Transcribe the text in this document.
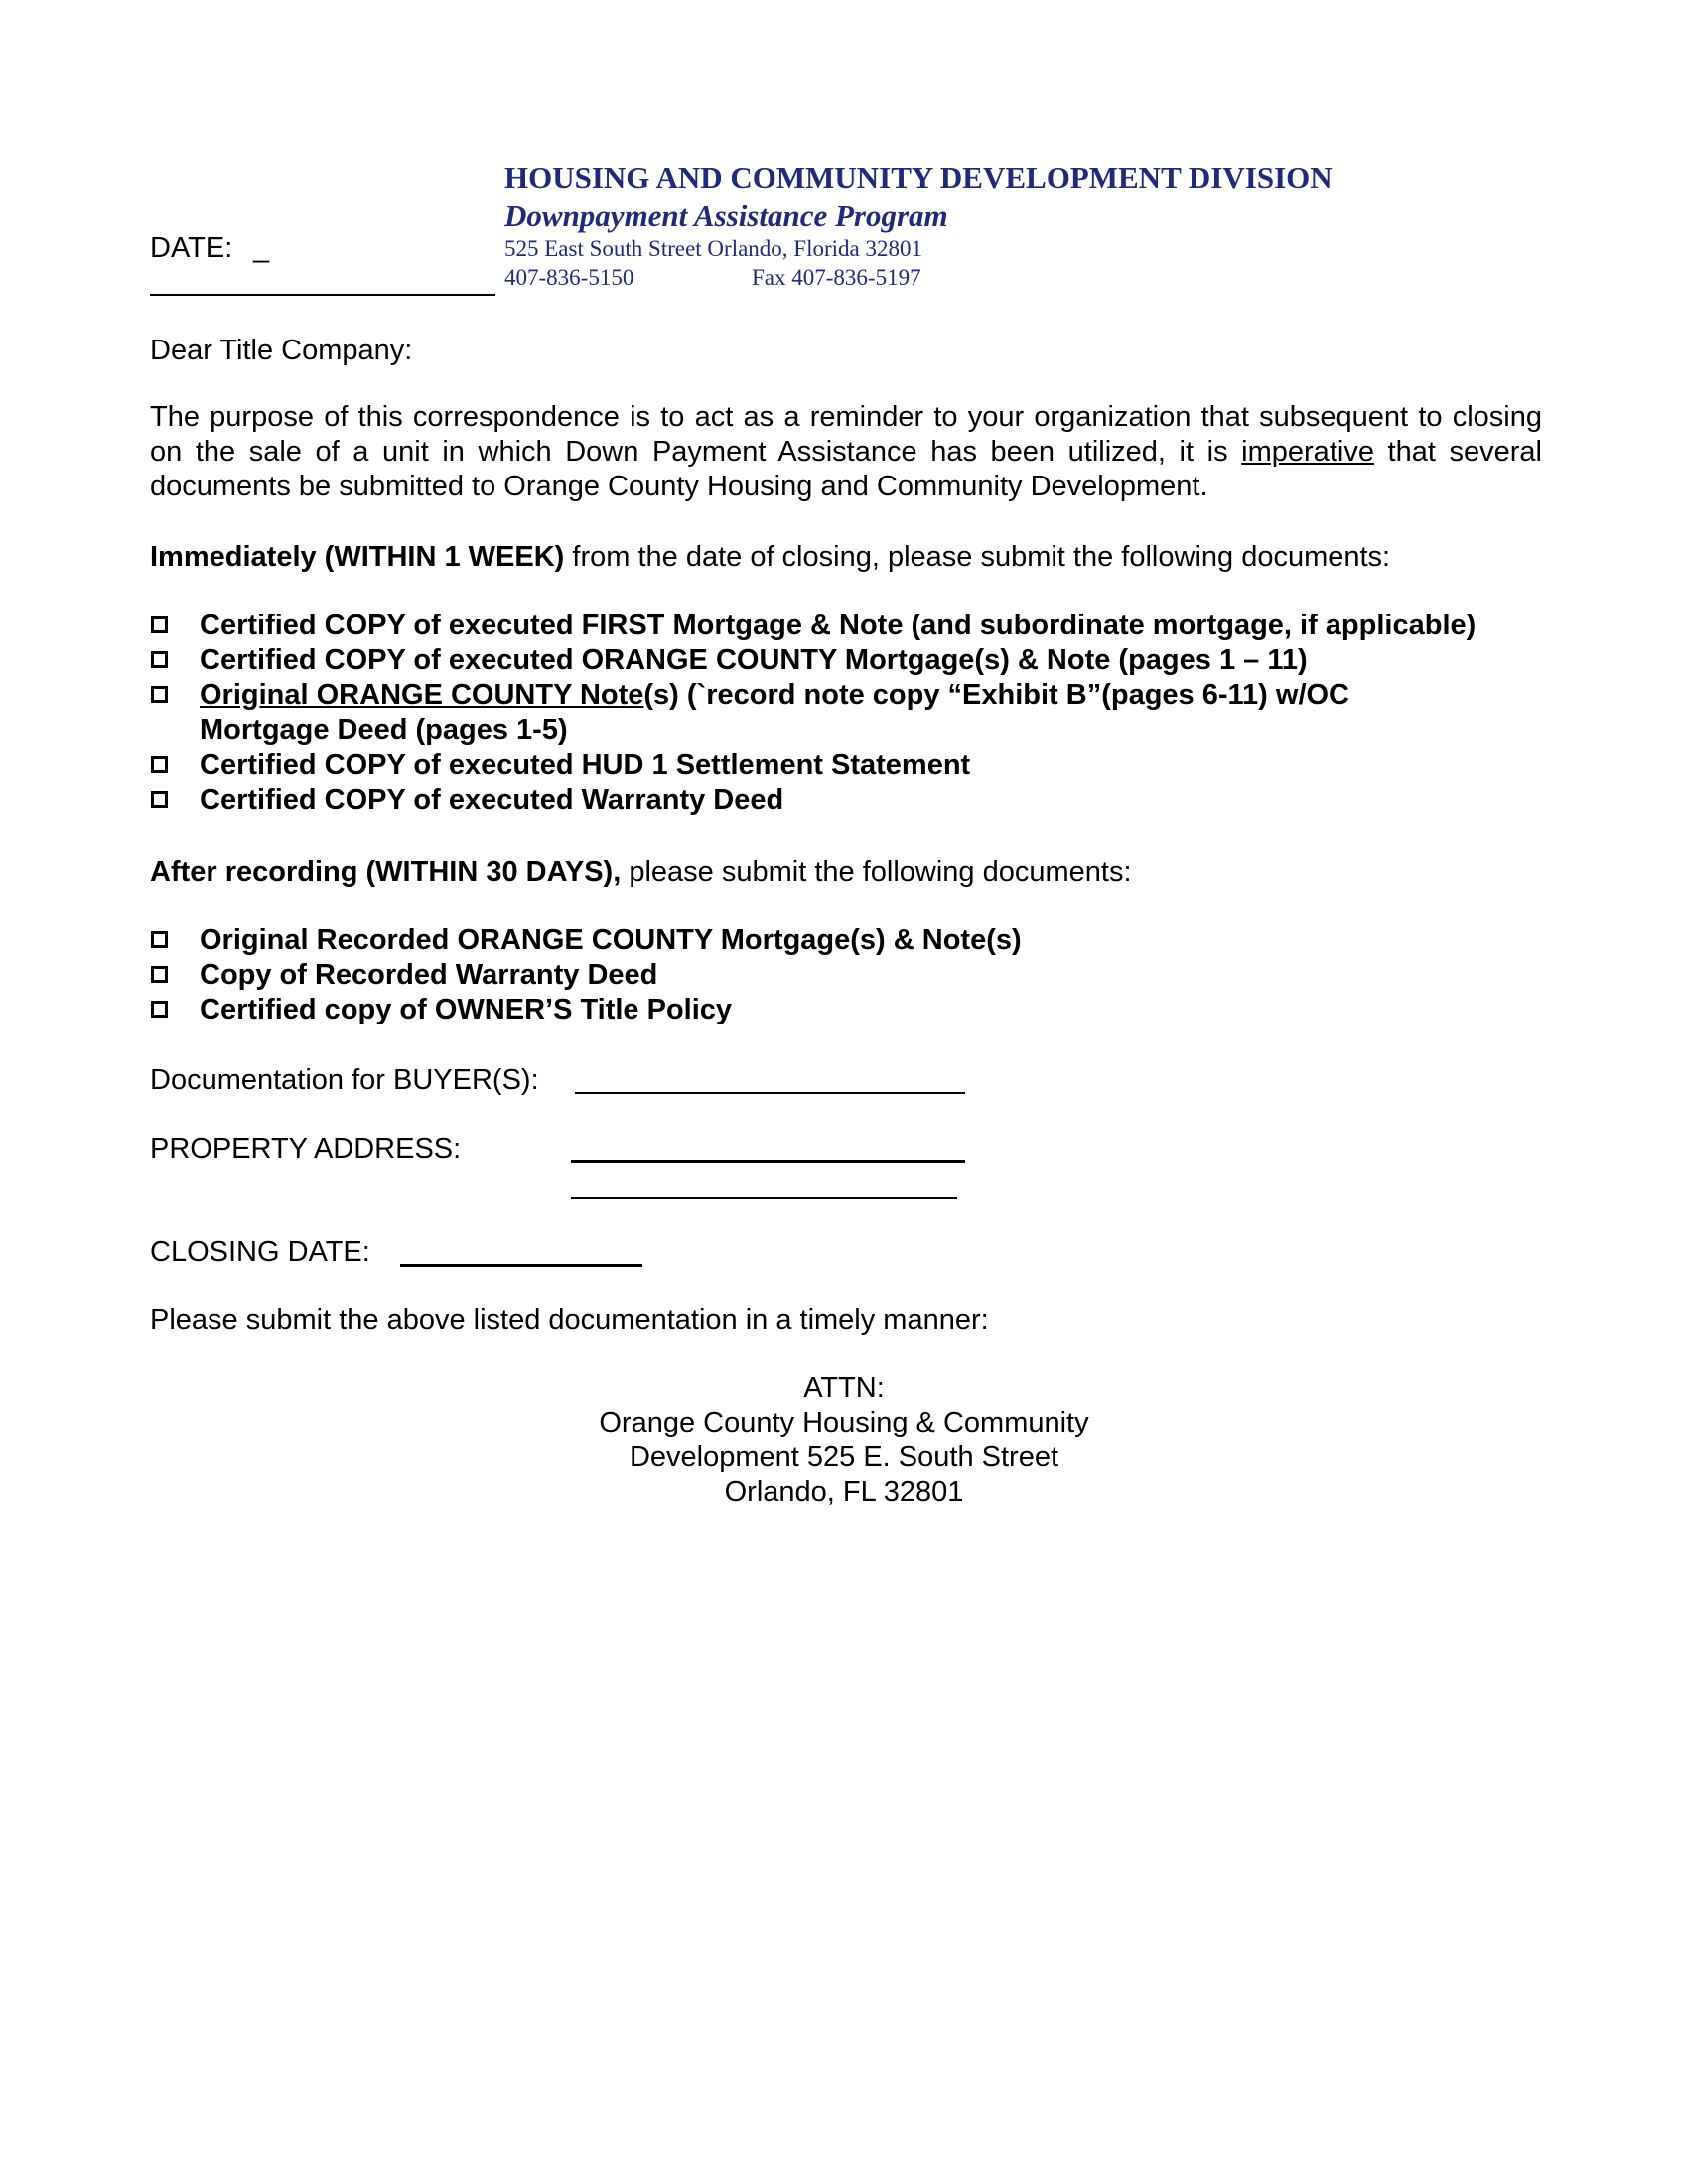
HOUSING AND COMMUNITY DEVELOPMENT DIVISION
Downpayment Assistance Program
525 East South Street Orlando, Florida 32801
407-836-5150	Fax 407-836-5197
DATE: _
Dear Title Company:
The purpose of this correspondence is to act as a reminder to your organization that subsequent to closing on the sale of a unit in which Down Payment Assistance has been utilized, it is imperative that several documents be submitted to Orange County Housing and Community Development.
Immediately (WITHIN 1 WEEK) from the date of closing, please submit the following documents:
Certified COPY of executed FIRST Mortgage & Note (and subordinate mortgage, if applicable)
Certified COPY of executed ORANGE COUNTY Mortgage(s) & Note (pages 1 – 11)
Original ORANGE COUNTY Note(s) (`record note copy “Exhibit B”(pages 6-11) w/OC
Mortgage Deed (pages 1-5)
Certified COPY of executed HUD 1 Settlement Statement
Certified COPY of executed Warranty Deed
After recording (WITHIN 30 DAYS), please submit the following documents:
Original Recorded ORANGE COUNTY Mortgage(s) & Note(s)
Copy of Recorded Warranty Deed
Certified copy of OWNER’S Title Policy
Documentation for BUYER(S):
PROPERTY ADDRESS:
CLOSING DATE:
Please submit the above listed documentation in a timely manner:
ATTN:
Orange County Housing & Community
Development 525 E. South Street
Orlando, FL 32801
